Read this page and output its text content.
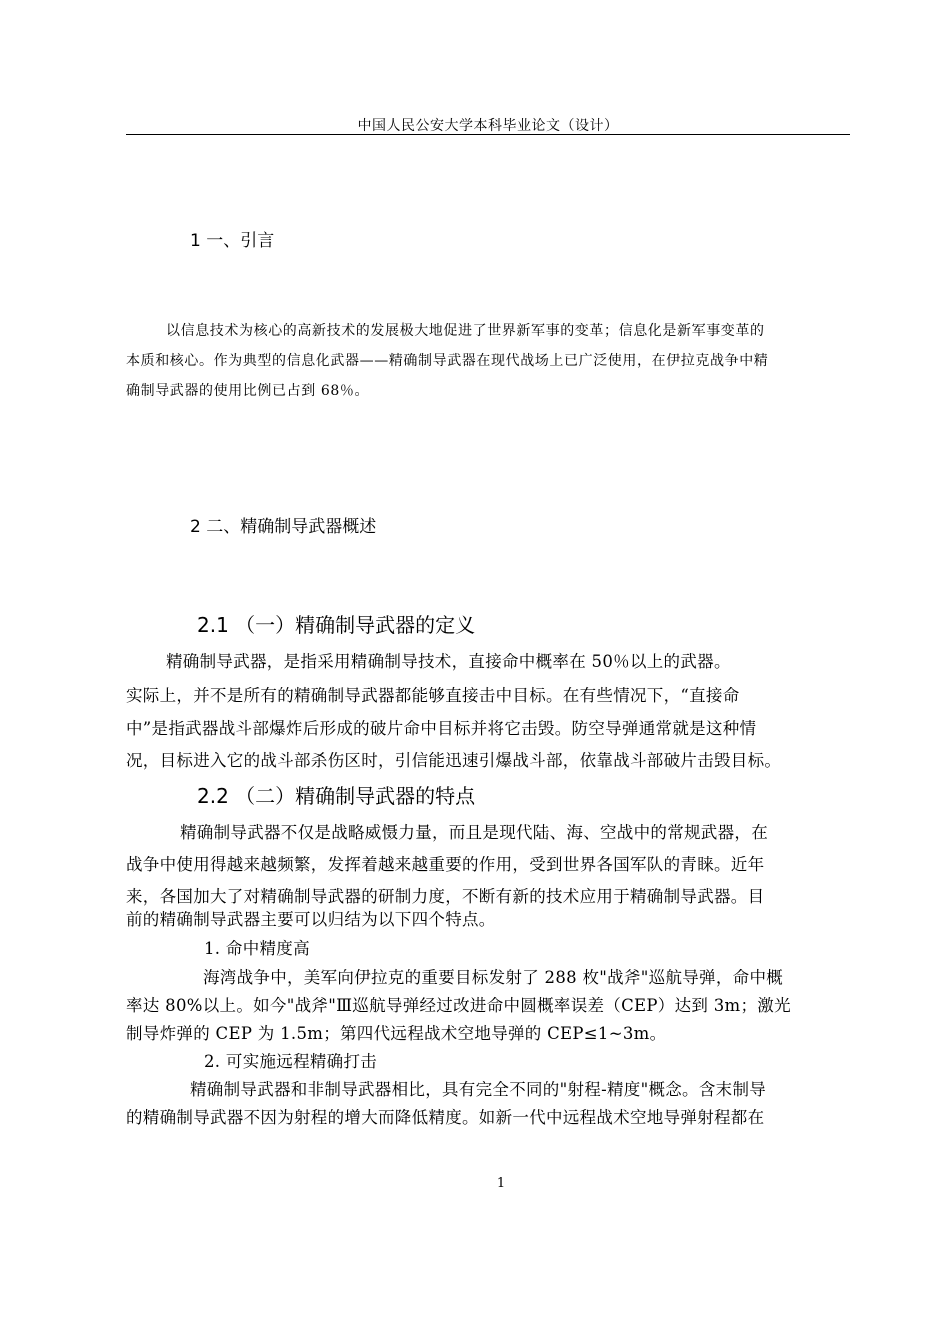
中国人民公安大学本科毕业论文（设计）
1 一、引言
以信息技术为核心的高新技术的发展极大地促进了世界新军事的变革；信息化是新军事变革的
本质和核心。作为典型的信息化武器——精确制导武器在现代战场上已广泛使用，在伊拉克战争中精
确制导武器的使用比例已占到 68％。
2 二、精确制导武器概述
2.1 （一）精确制导武器的定义
精确制导武器，是指采用精确制导技术，直接命中概率在 50％以上的武器。
实际上，并不是所有的精确制导武器都能够直接击中目标。在有些情况下，“直接命
中”是指武器战斗部爆炸后形成的破片命中目标并将它击毁。防空导弹通常就是这种情
况，目标进入它的战斗部杀伤区时，引信能迅速引爆战斗部，依靠战斗部破片击毁目标。
2.2 （二）精确制导武器的特点
精确制导武器不仅是战略威慑力量，而且是现代陆、海、空战中的常规武器，在
战争中使用得越来越频繁，发挥着越来越重要的作用，受到世界各国军队的青睐。近年
来，各国加大了对精确制导武器的研制力度，不断有新的技术应用于精确制导武器。目
前的精确制导武器主要可以归结为以下四个特点。
1. 命中精度高
海湾战争中，美军向伊拉克的重要目标发射了 288 枚"战斧"巡航导弹，命中概
率达 80%以上。如今"战斧"Ⅲ巡航导弹经过改进命中圆概率误差（CEP）达到 3m；激光
制导炸弹的 CEP 为 1.5m；第四代远程战术空地导弹的 CEP≤1~3m。
2. 可实施远程精确打击
精确制导武器和非制导武器相比，具有完全不同的"射程-精度"概念。含末制导
的精确制导武器不因为射程的增大而降低精度。如新一代中远程战术空地导弹射程都在
1
